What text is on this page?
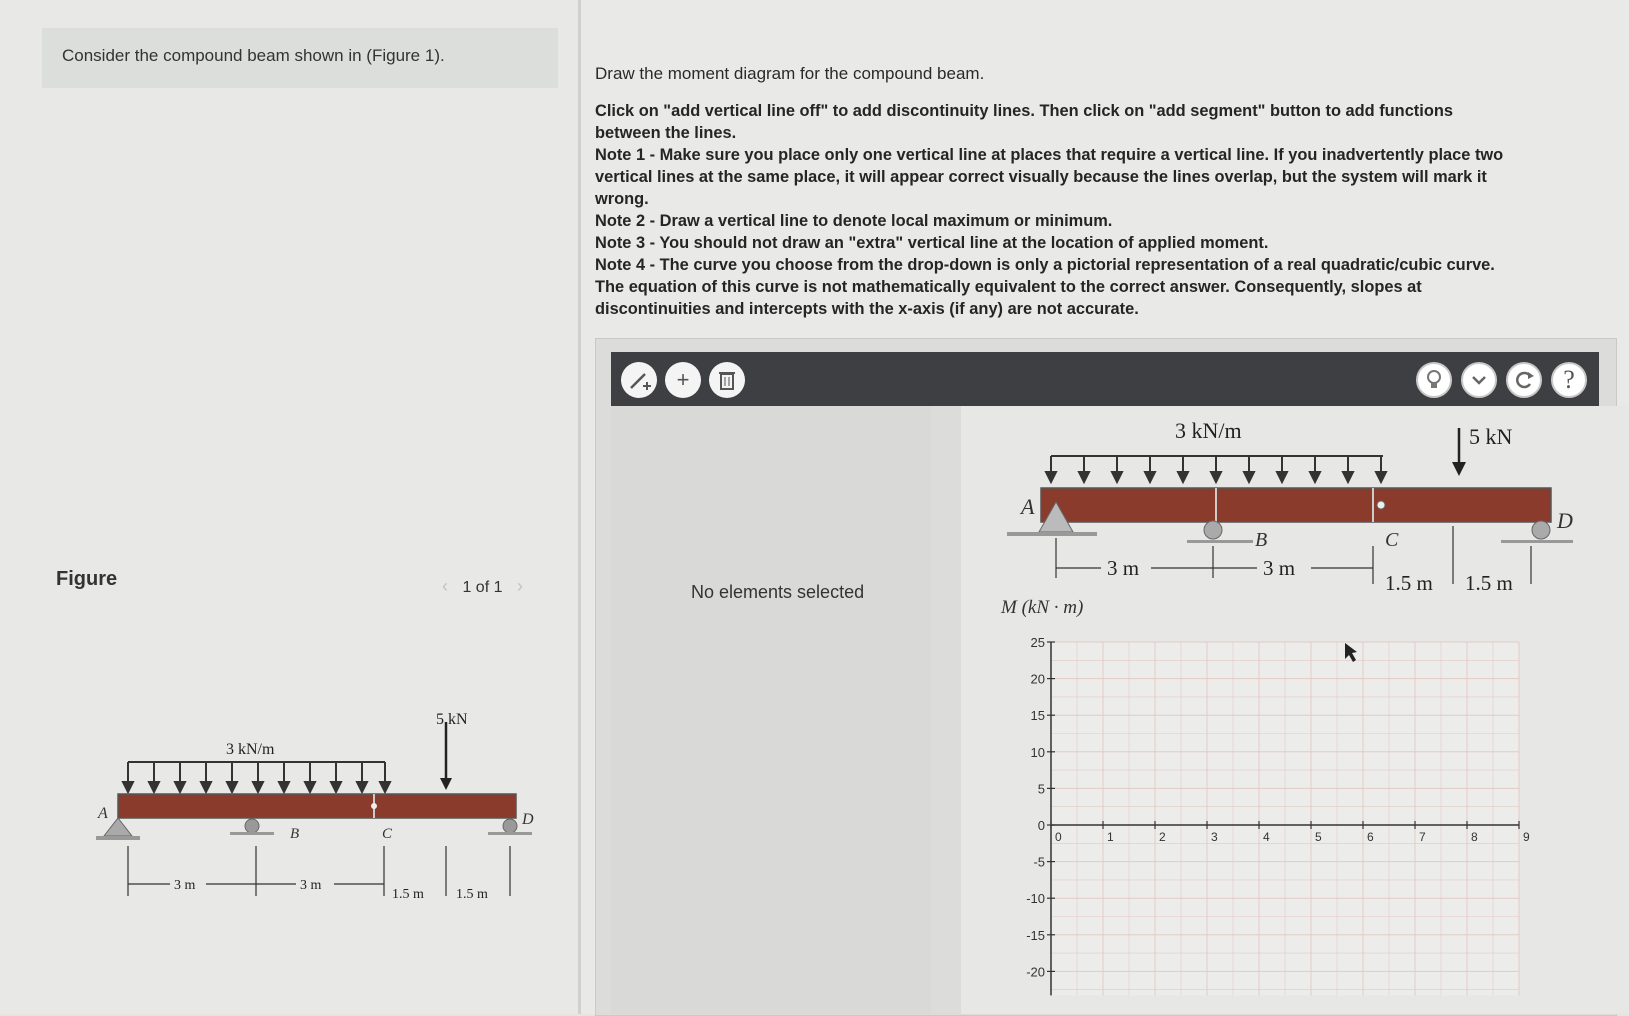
Consider the compound beam shown in (Figure 1).
Figure	‹ 1 of 1 ›
3 kN/m
5 kN
A
B	C
D
3 m	3 m
1.5 m 1.5 m
Draw the moment diagram for the compound beam.

Click on "add vertical line off" to add discontinuity lines. Then click on "add segment" button to add functions between the lines.

Note 1 - Make sure you place only one vertical line at places that require a vertical line. If you inadvertently place two vertical lines at the same place, it will appear correct visually because the lines overlap, but the system will mark it wrong.

Note 2 - Draw a vertical line to denote local maximum or minimum.

Note 3 - You should not draw an "extra" vertical line at the location of applied moment.

Note 4 - The curve you choose from the drop-down is only a pictorial representation of a real quadratic/cubic curve. The equation of this curve is not mathematically equivalent to the correct answer. Consequently, slopes at discontinuities and intercepts with the x-axis (if any) are not accurate.

+	?
No elements selected
3 kN/m	5 kN
A
B	C
D
3 m	3 m
1.5 m 1.5 m
M (kN · m)
25
20
15
10
5
0
-5
-10
-15
-20
0	1	2	3	4	5	6	7	8	9
